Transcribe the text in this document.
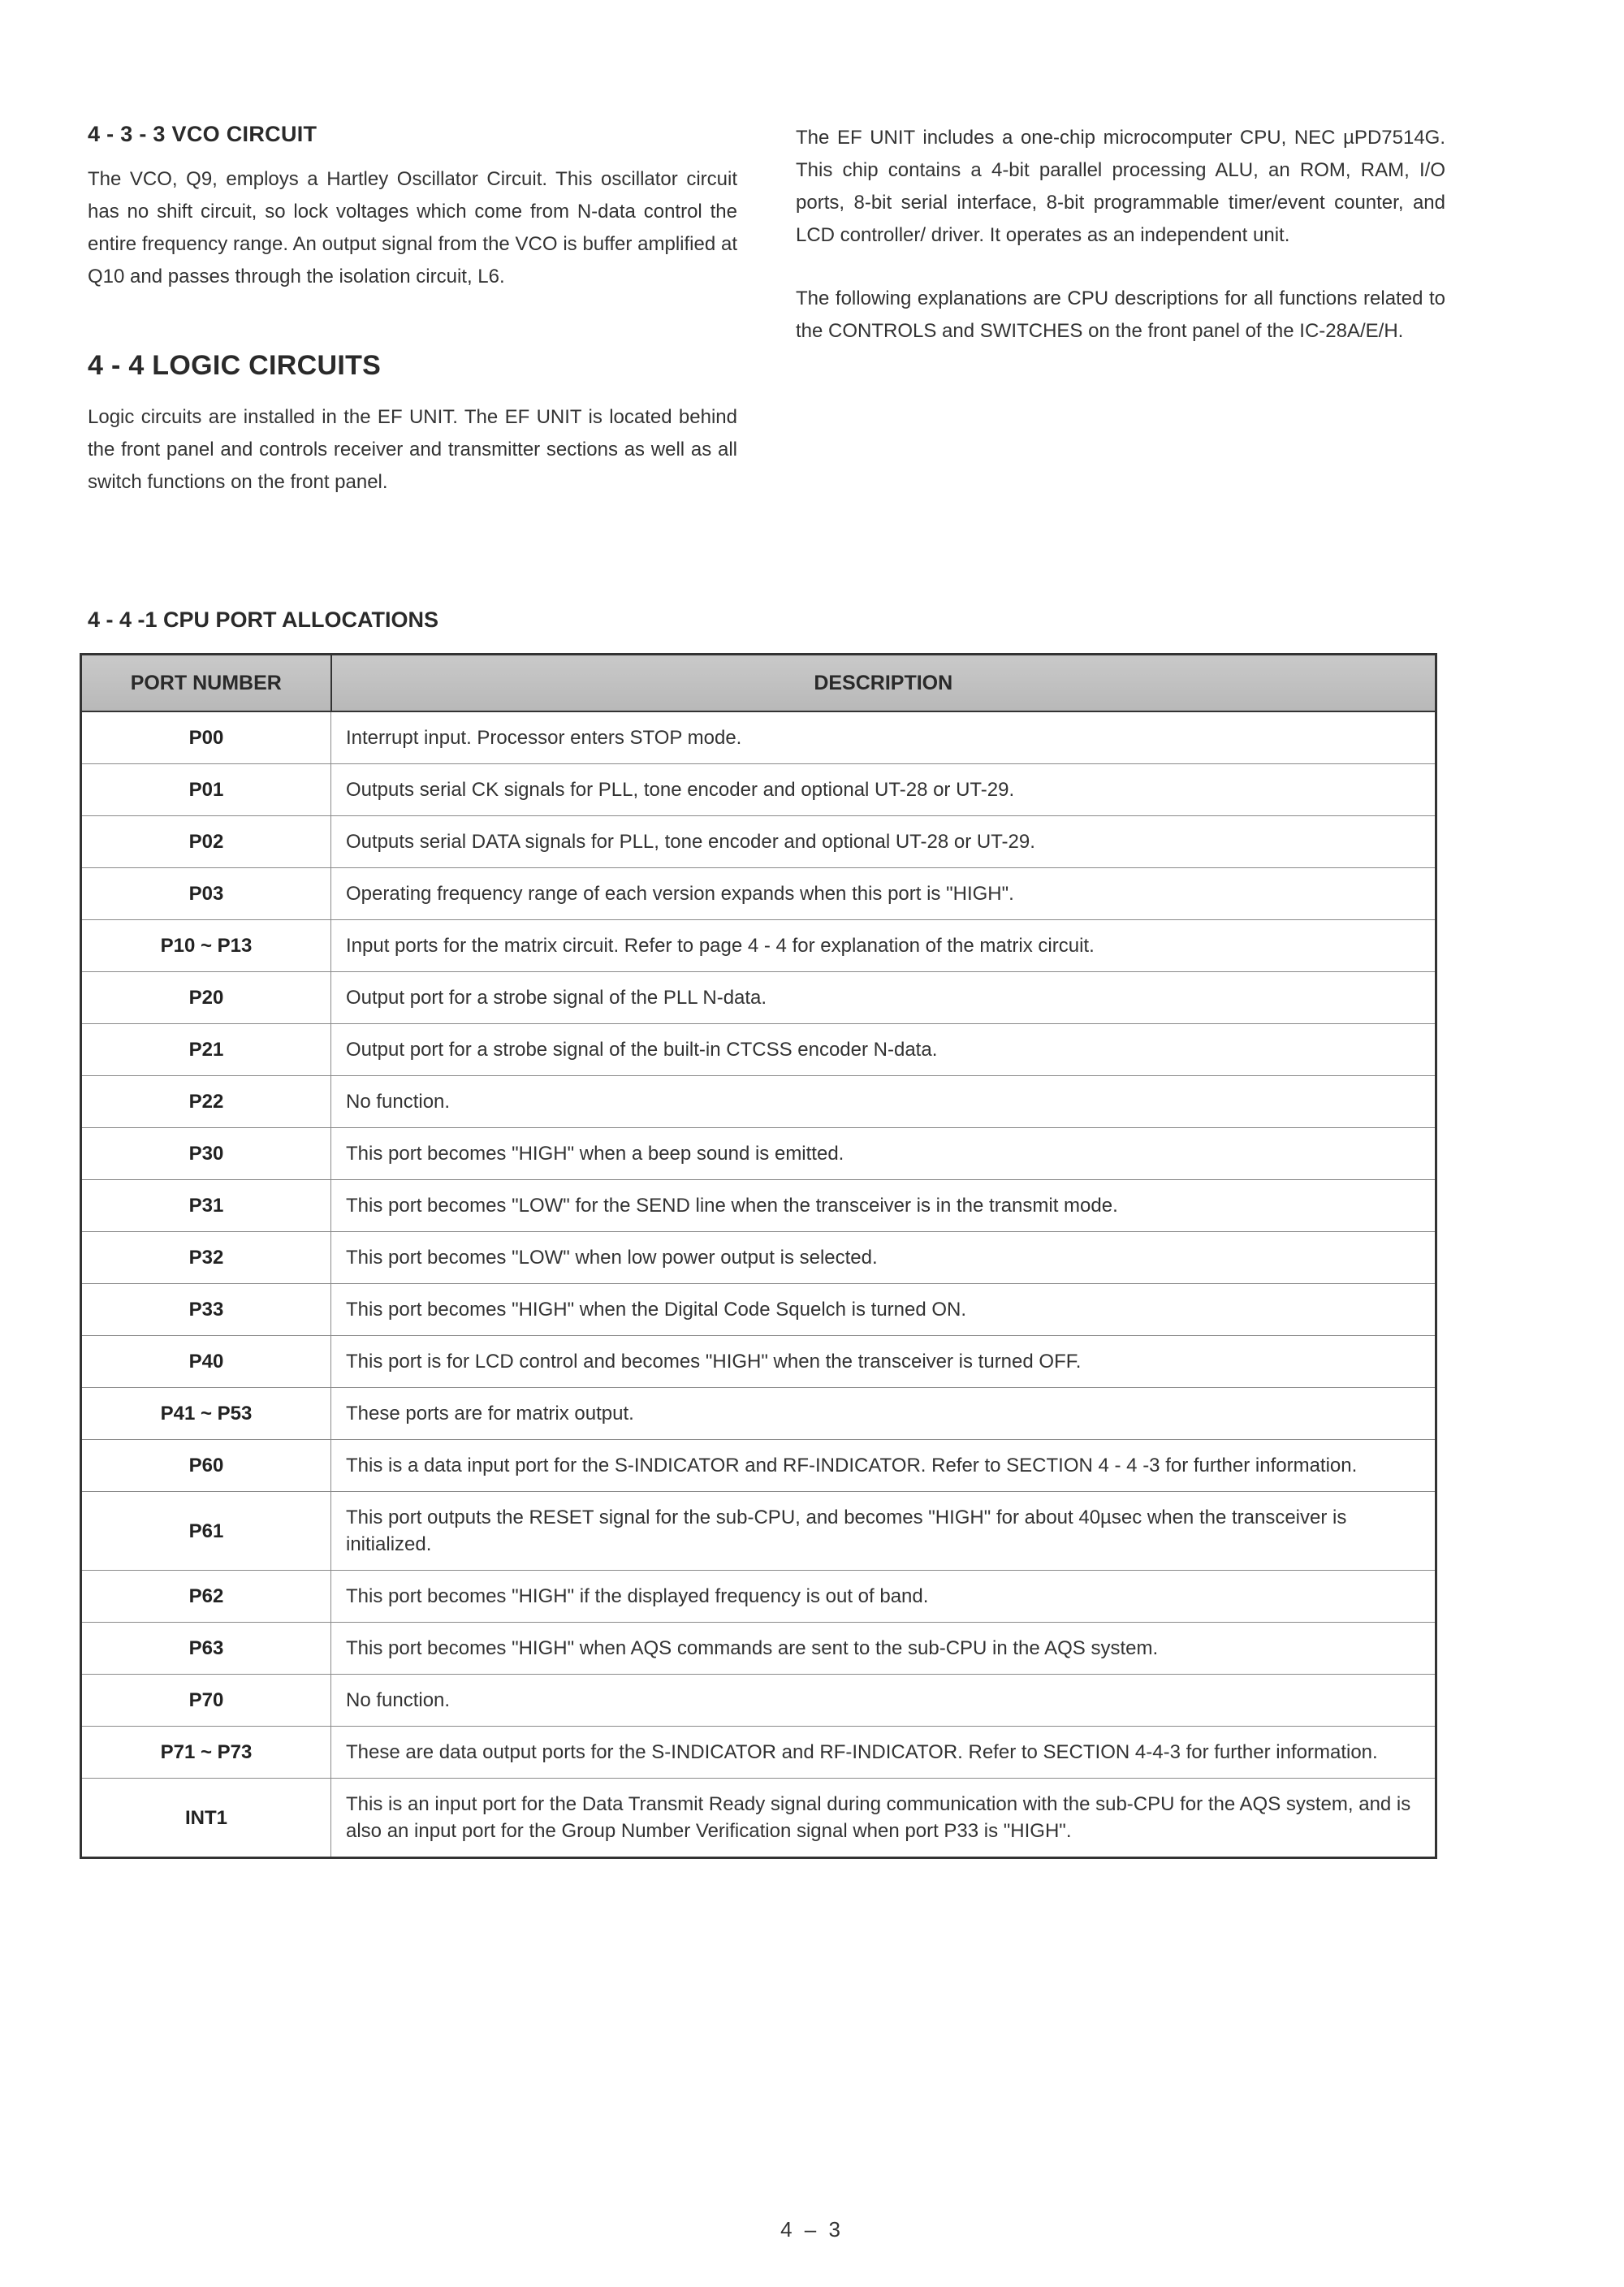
4 - 3 - 3 VCO CIRCUIT

The VCO, Q9, employs a Hartley Oscillator Circuit. This oscillator circuit has no shift circuit, so lock voltages which come from N-data control the entire frequency range. An output signal from the VCO is buffer amplified at Q10 and passes through the isolation circuit, L6.

4 - 4 LOGIC CIRCUITS

Logic circuits are installed in the EF UNIT. The EF UNIT is located behind the front panel and controls receiver and transmitter sections as well as all switch functions on the front panel.

The EF UNIT includes a one-chip microcomputer CPU, NEC µPD7514G. This chip contains a 4-bit parallel processing ALU, an ROM, RAM, I/O ports, 8-bit serial interface, 8-bit programmable timer/event counter, and LCD controller/ driver. It operates as an independent unit.

The following explanations are CPU descriptions for all functions related to the CONTROLS and SWITCHES on the front panel of the IC-28A/E/H.

4 - 4 -1 CPU PORT ALLOCATIONS
PORT NUMBER	DESCRIPTION
P00	Interrupt input. Processor enters STOP mode.
P01	Outputs serial CK signals for PLL, tone encoder and optional UT-28 or UT-29.
P02	Outputs serial DATA signals for PLL, tone encoder and optional UT-28 or UT-29.
P03	Operating frequency range of each version expands when this port is "HIGH".
P10 ~ P13	Input ports for the matrix circuit. Refer to page 4 - 4 for explanation of the matrix circuit.
P20	Output port for a strobe signal of the PLL N-data.
P21	Output port for a strobe signal of the built-in CTCSS encoder N-data.
P22	No function.
P30	This port becomes "HIGH" when a beep sound is emitted.
P31	This port becomes "LOW" for the SEND line when the transceiver is in the transmit mode.
P32	This port becomes "LOW" when low power output is selected.
P33	This port becomes "HIGH" when the Digital Code Squelch is turned ON.
P40	This port is for LCD control and becomes "HIGH" when the transceiver is turned OFF.
P41 ~ P53	These ports are for matrix output.
P60	This is a data input port for the S-INDICATOR and RF-INDICATOR. Refer to SECTION 4 - 4 -3 for further information.
P61	This port outputs the RESET signal for the sub-CPU, and becomes "HIGH" for about 40µsec when the transceiver is initialized.
P62	This port becomes "HIGH" if the displayed frequency is out of band.
P63	This port becomes "HIGH" when AQS commands are sent to the sub-CPU in the AQS system.
P70	No function.
P71 ~ P73	These are data output ports for the S-INDICATOR and RF-INDICATOR. Refer to SECTION 4-4-3 for further information.
INT1	This is an input port for the Data Transmit Ready signal during communication with the sub-CPU for the AQS system, and is also an input port for the Group Number Verification signal when port P33 is "HIGH".

4 – 3
